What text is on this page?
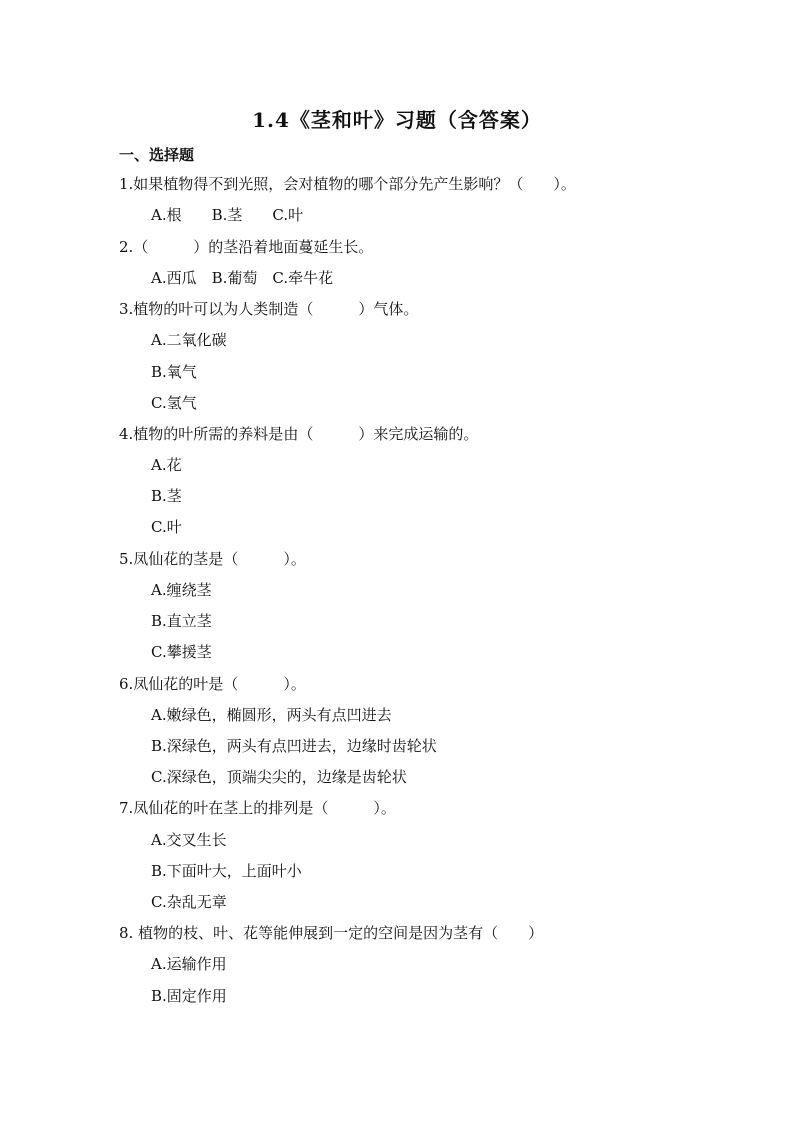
1.4《茎和叶》习题（含答案）
一、选择题
1.如果植物得不到光照，会对植物的哪个部分先产生影响？（　　）。
A.根　　B.茎　　C.叶
2.（　　　）的茎沿着地面蔓延生长。
A.西瓜　B.葡萄　C.牵牛花
3.植物的叶可以为人类制造（　　　）气体。
A.二氧化碳
B.氧气
C.氢气
4.植物的叶所需的养料是由（　　　）来完成运输的。
A.花
B.茎
C.叶
5.凤仙花的茎是（　　　）。
A.缠绕茎
B.直立茎
C.攀援茎
6.凤仙花的叶是（　　　）。
A.嫩绿色，椭圆形，两头有点凹进去
B.深绿色，两头有点凹进去，边缘时齿轮状
C.深绿色，顶端尖尖的，边缘是齿轮状
7.凤仙花的叶在茎上的排列是（　　　）。
A.交叉生长
B.下面叶大，上面叶小
C.杂乱无章
8. 植物的枝、叶、花等能伸展到一定的空间是因为茎有（　　）
A.运输作用
B.固定作用
